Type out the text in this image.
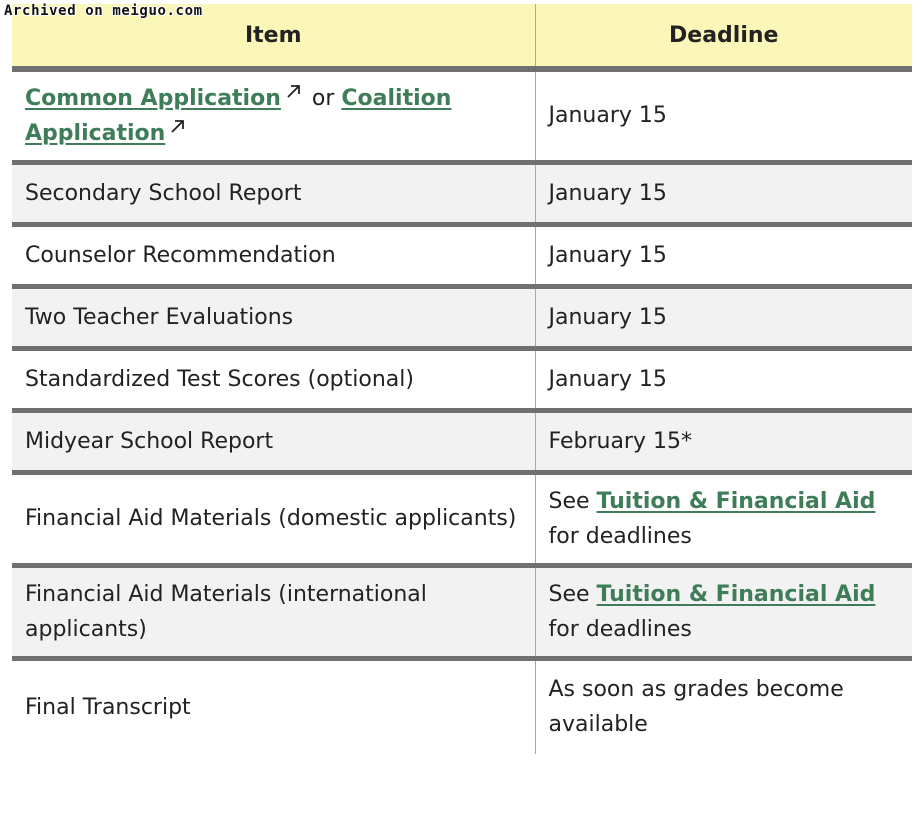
Archived on meiguo.com
Item	Deadline
Common Application or Coalition Application	January 15
Secondary School Report	January 15
Counselor Recommendation	January 15
Two Teacher Evaluations	January 15
Standardized Test Scores (optional)	January 15
Midyear School Report	February 15*
Financial Aid Materials (domestic applicants)	See Tuition & Financial Aid for deadlines
Financial Aid Materials (international applicants)	See Tuition & Financial Aid for deadlines
Final Transcript	As soon as grades become available
